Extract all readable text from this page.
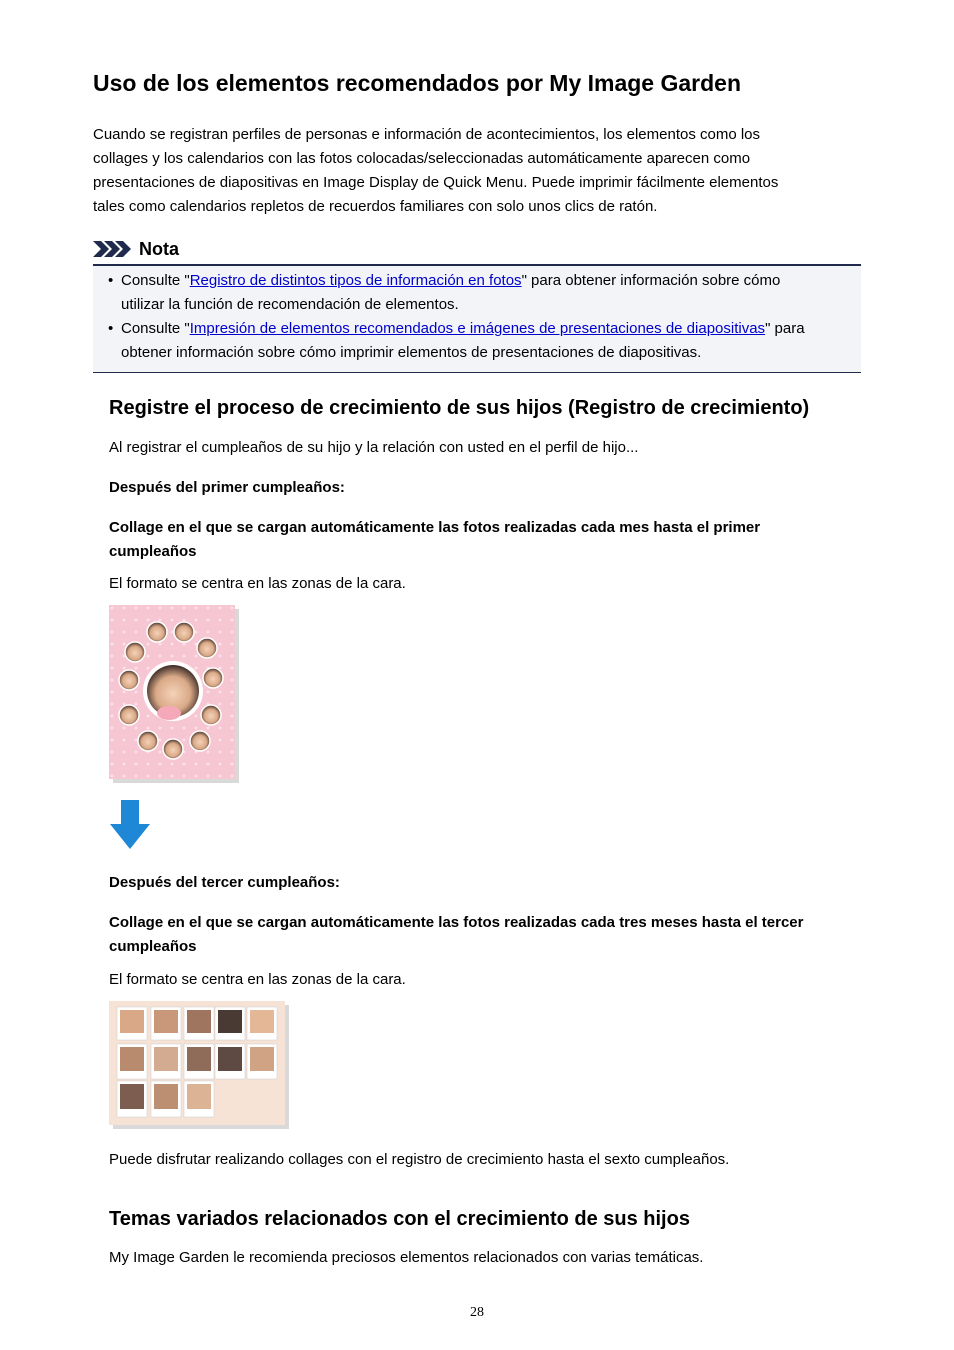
Uso de los elementos recomendados por My Image Garden

Cuando se registran perfiles de personas e información de acontecimientos, los elementos como los

collages y los calendarios con las fotos colocadas/seleccionadas automáticamente aparecen como

presentaciones de diapositivas en Image Display de Quick Menu. Puede imprimir fácilmente elementos

tales como calendarios repletos de recuerdos familiares con solo unos clics de ratón.

Nota
• Consulte "Registro de distintos tipos de información en fotos" para obtener información sobre cómo
utilizar la función de recomendación de elementos.
• Consulte "Impresión de elementos recomendados e imágenes de presentaciones de diapositivas" para
obtener información sobre cómo imprimir elementos de presentaciones de diapositivas.
Registre el proceso de crecimiento de sus hijos (Registro de crecimiento)

Al registrar el cumpleaños de su hijo y la relación con usted en el perfil de hijo...

Después del primer cumpleaños:

Collage en el que se cargan automáticamente las fotos realizadas cada mes hasta el primer

cumpleaños

El formato se centra en las zonas de la cara.

Después del tercer cumpleaños:

Collage en el que se cargan automáticamente las fotos realizadas cada tres meses hasta el tercer

cumpleaños

El formato se centra en las zonas de la cara.

Puede disfrutar realizando collages con el registro de crecimiento hasta el sexto cumpleaños.

Temas variados relacionados con el crecimiento de sus hijos

My Image Garden le recomienda preciosos elementos relacionados con varias temáticas.

28
